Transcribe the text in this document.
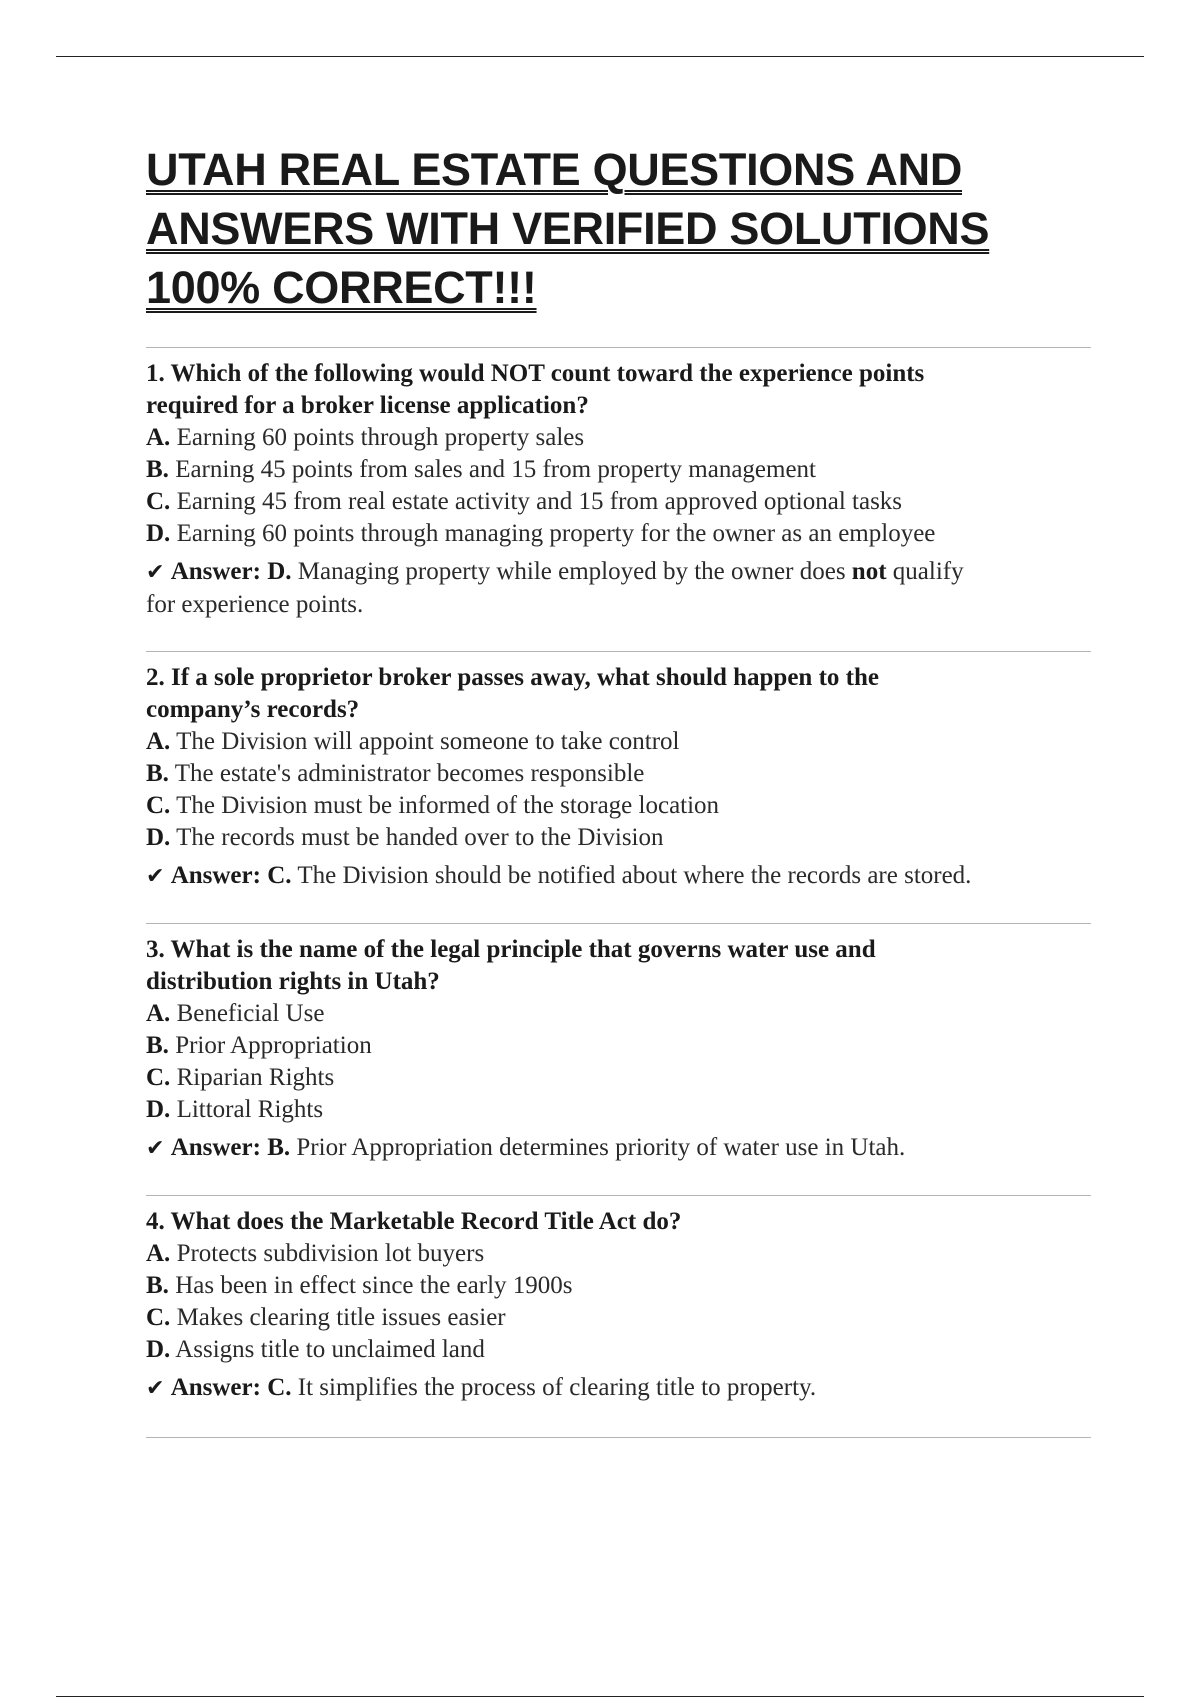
UTAH REAL ESTATE QUESTIONS AND
ANSWERS WITH VERIFIED SOLUTIONS
100% CORRECT!!!

1. Which of the following would NOT count toward the experience points
required for a broker license application?

A. Earning 60 points through property sales
B. Earning 45 points from sales and 15 from property management
C. Earning 45 from real estate activity and 15 from approved optional tasks
D. Earning 60 points through managing property for the owner as an employee
✔ Answer: D. Managing property while employed by the owner does not qualify
for experience points.

2. If a sole proprietor broker passes away, what should happen to the
company’s records?

A. The Division will appoint someone to take control
B. The estate's administrator becomes responsible
C. The Division must be informed of the storage location
D. The records must be handed over to the Division
✔ Answer: C. The Division should be notified about where the records are stored.

3. What is the name of the legal principle that governs water use and
distribution rights in Utah?

A. Beneficial Use
B. Prior Appropriation
C. Riparian Rights
D. Littoral Rights
✔ Answer: B. Prior Appropriation determines priority of water use in Utah.

4. What does the Marketable Record Title Act do?

A. Protects subdivision lot buyers
B. Has been in effect since the early 1900s
C. Makes clearing title issues easier
D. Assigns title to unclaimed land
✔ Answer: C. It simplifies the process of clearing title to property.
